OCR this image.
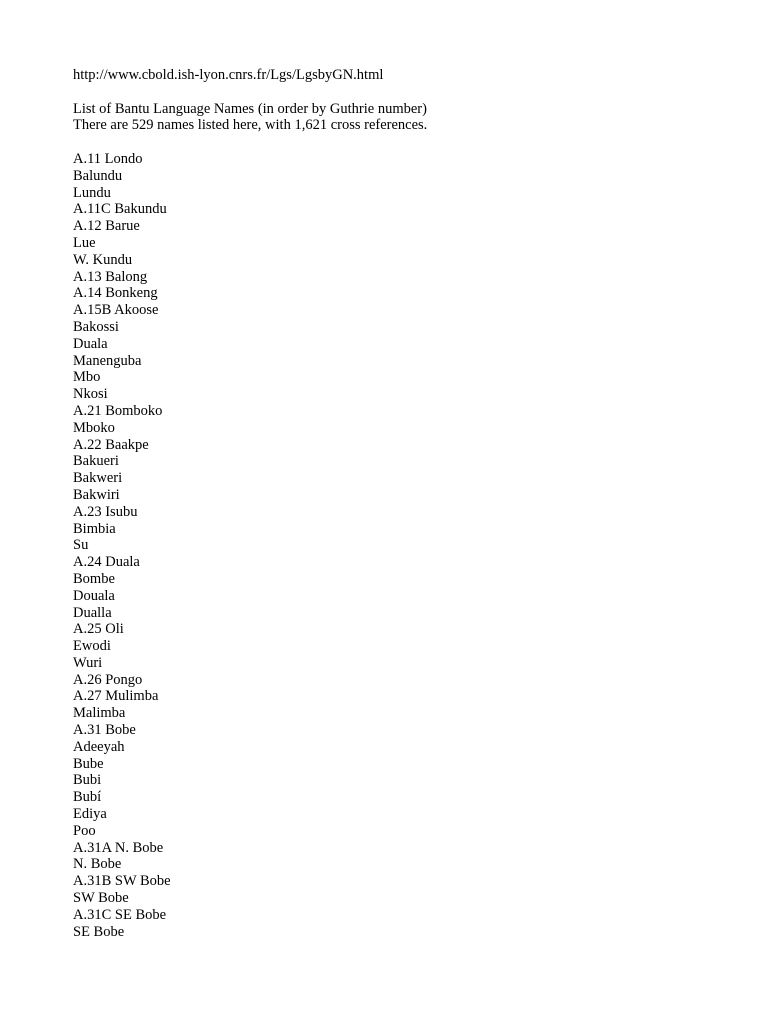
http://www.cbold.ish-lyon.cnrs.fr/Lgs/LgsbyGN.html
List of Bantu Language Names (in order by Guthrie number)
There are 529 names listed here, with 1,621 cross references.
A.11 Londo
Balundu
Lundu
A.11C Bakundu
A.12 Barue
Lue
W. Kundu
A.13 Balong
A.14 Bonkeng
A.15B Akoose
Bakossi
Duala
Manenguba
Mbo
Nkosi
A.21 Bomboko
Mboko
A.22 Baakpe
Bakueri
Bakweri
Bakwiri
A.23 Isubu
Bimbia
Su
A.24 Duala
Bombe
Douala
Dualla
A.25 Oli
Ewodi
Wuri
A.26 Pongo
A.27 Mulimba
Malimba
A.31 Bobe
Adeeyah
Bube
Bubi
Bubí
Ediya
Poo
A.31A N. Bobe
N. Bobe
A.31B SW Bobe
SW Bobe
A.31C SE Bobe
SE Bobe
